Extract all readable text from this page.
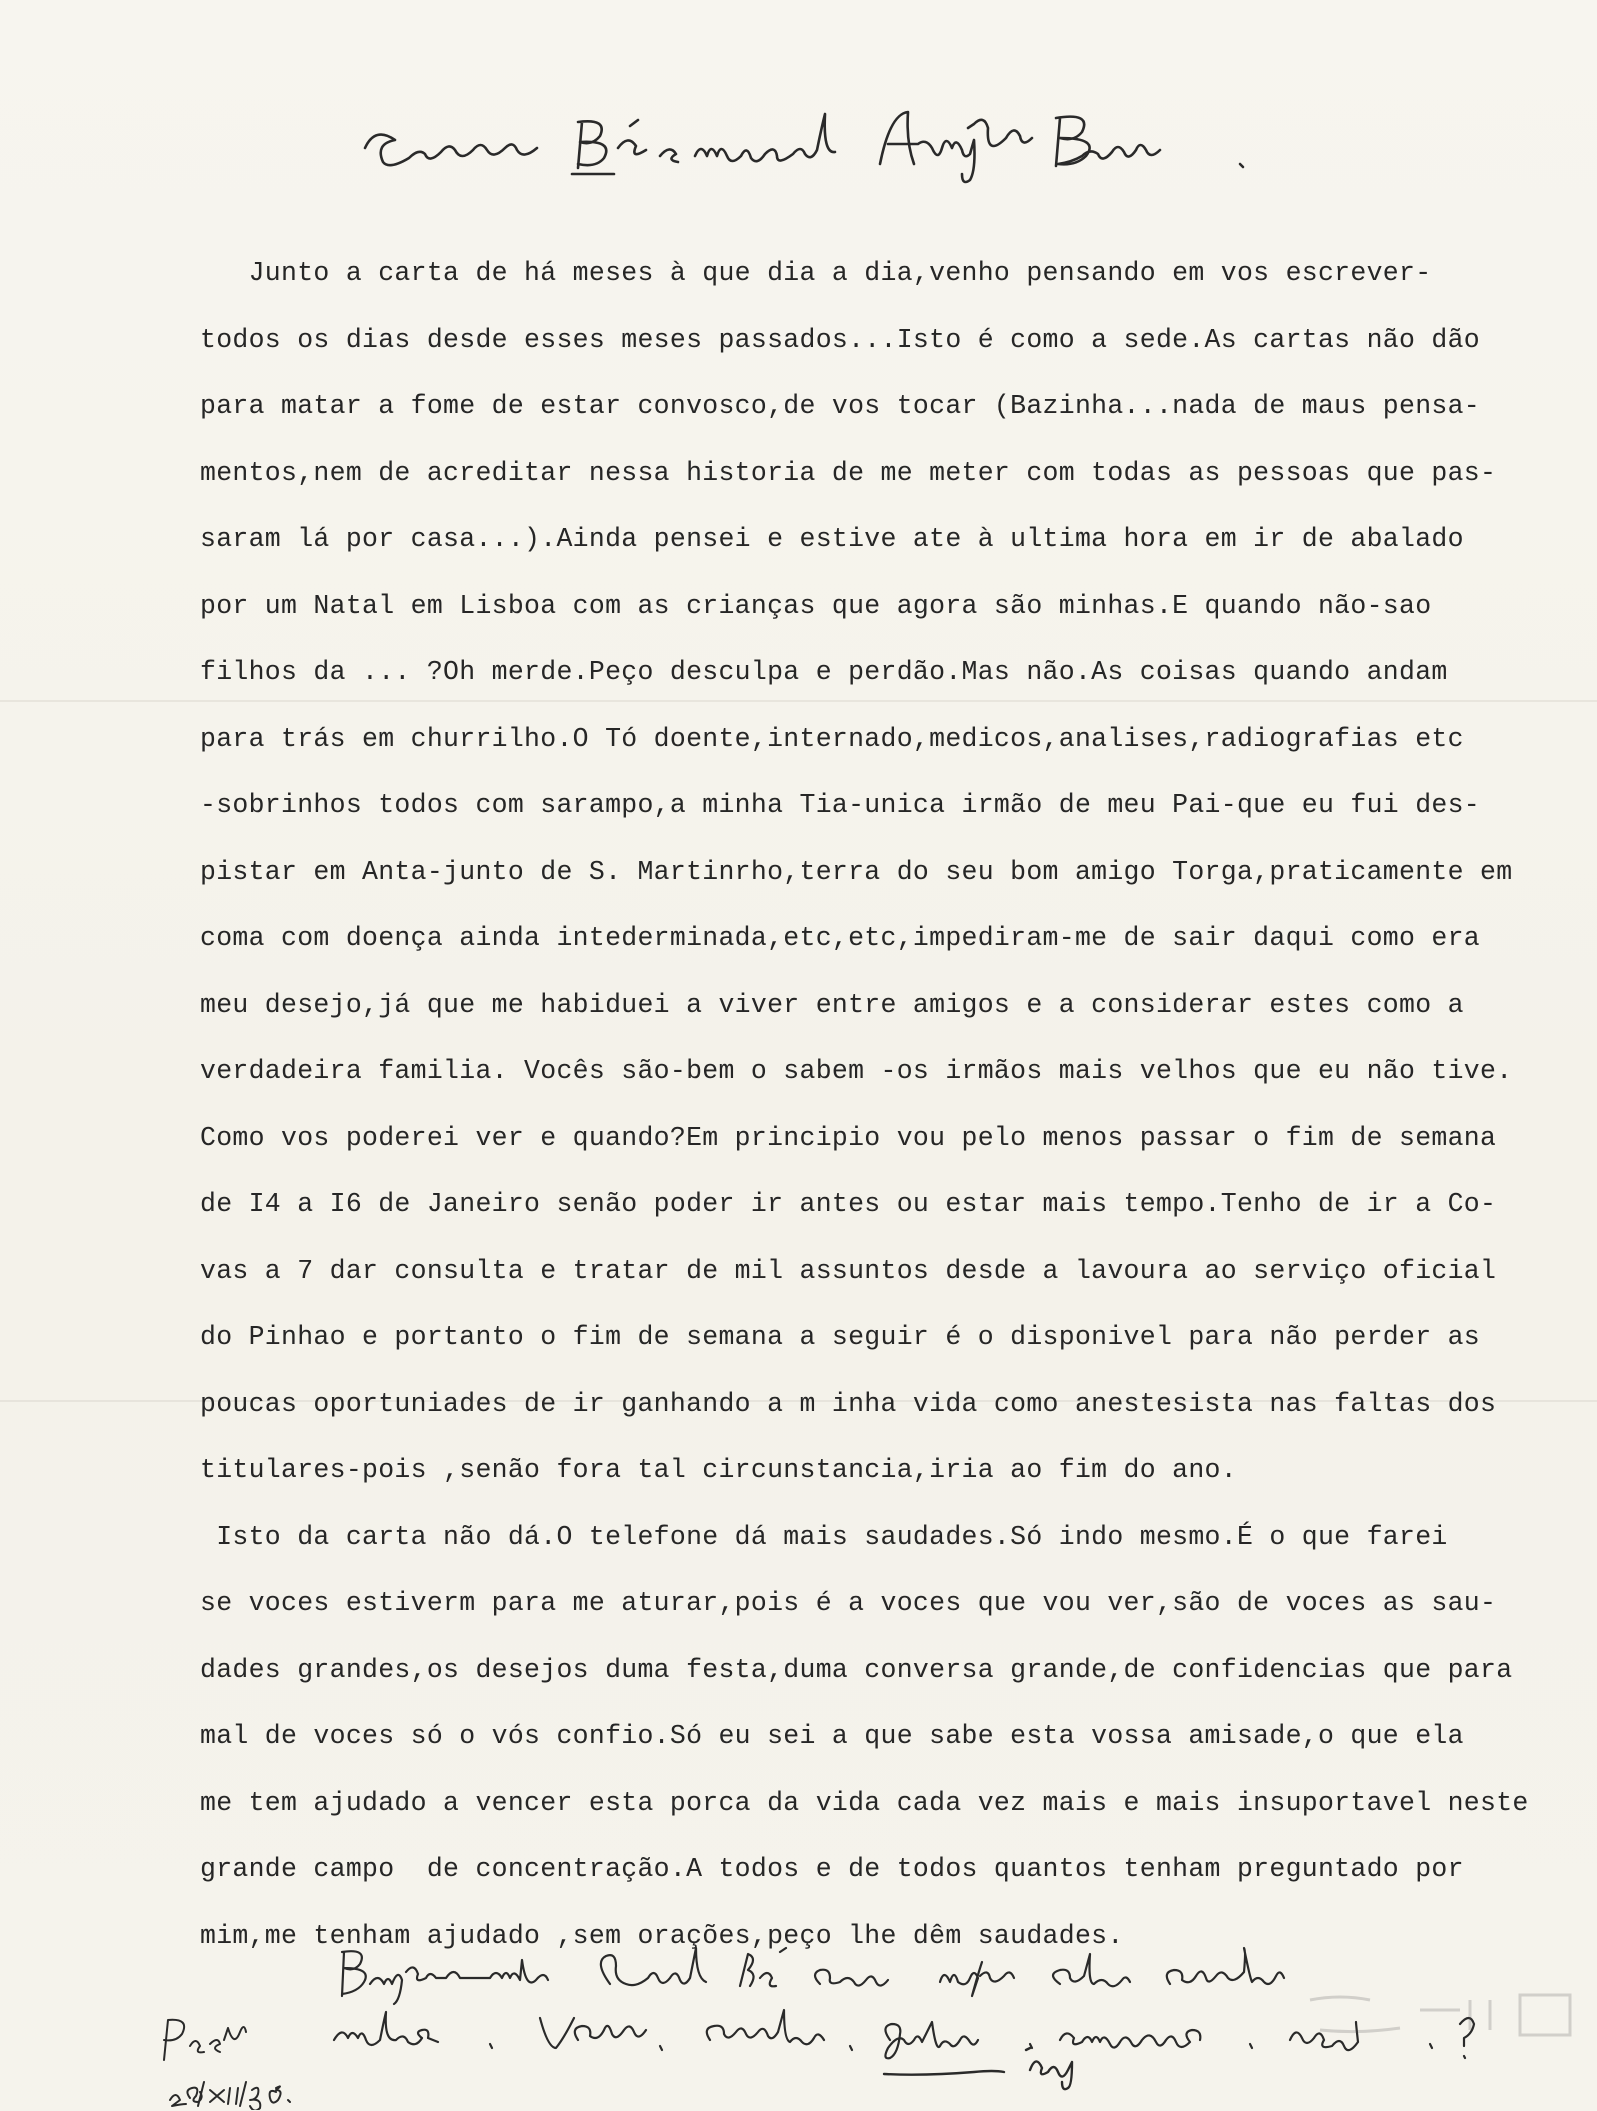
Junto a carta de há meses à que dia a dia,venho pensando em vos escrever-
todos os dias desde esses meses passados...Isto é como a sede.As cartas não dão
para matar a fome de estar convosco,de vos tocar (Bazinha...nada de maus pensa-
mentos,nem de acreditar nessa historia de me meter com todas as pessoas que pas-
saram lá por casa...).Ainda pensei e estive ate à ultima hora em ir de abalado
por um Natal em Lisboa com as crianças que agora são minhas.E quando não-sao
filhos da ... ?Oh merde.Peço desculpa e perdão.Mas não.As coisas quando andam
para trás em churrilho.O Tó doente,internado,medicos,analises,radiografias etc
-sobrinhos todos com sarampo,a minha Tia-unica irmão de meu Pai-que eu fui des-
pistar em Anta-junto de S. Martinrho,terra do seu bom amigo Torga,praticamente em
coma com doença ainda intederminada,etc,etc,impediram-me de sair daqui como era
meu desejo,já que me habiduei a viver entre amigos e a considerar estes como a
verdadeira familia. Vocês são-bem o sabem -os irmãos mais velhos que eu não tive.
Como vos poderei ver e quando?Em principio vou pelo menos passar o fim de semana
de I4 a I6 de Janeiro senão poder ir antes ou estar mais tempo.Tenho de ir a Co-
vas a 7 dar consulta e tratar de mil assuntos desde a lavoura ao serviço oficial
do Pinhao e portanto o fim de semana a seguir é o disponivel para não perder as
poucas oportuniades de ir ganhando a m inha vida como anestesista nas faltas dos
titulares-pois ,senão fora tal circunstancia,iria ao fim do ano.
Isto da carta não dá.O telefone dá mais saudades.Só indo mesmo.É o que farei
se voces estiverm para me aturar,pois é a voces que vou ver,são de voces as sau-
dades grandes,os desejos duma festa,duma conversa grande,de confidencias que para
mal de voces só o vós confio.Só eu sei a que sabe esta vossa amisade,o que ela
me tem ajudado a vencer esta porca da vida cada vez mais e mais insuportavel neste
grande campo  de concentração.A todos e de todos quantos tenham preguntado por
mim,me tenham ajudado ,sem orações,peço lhe dêm saudades.
